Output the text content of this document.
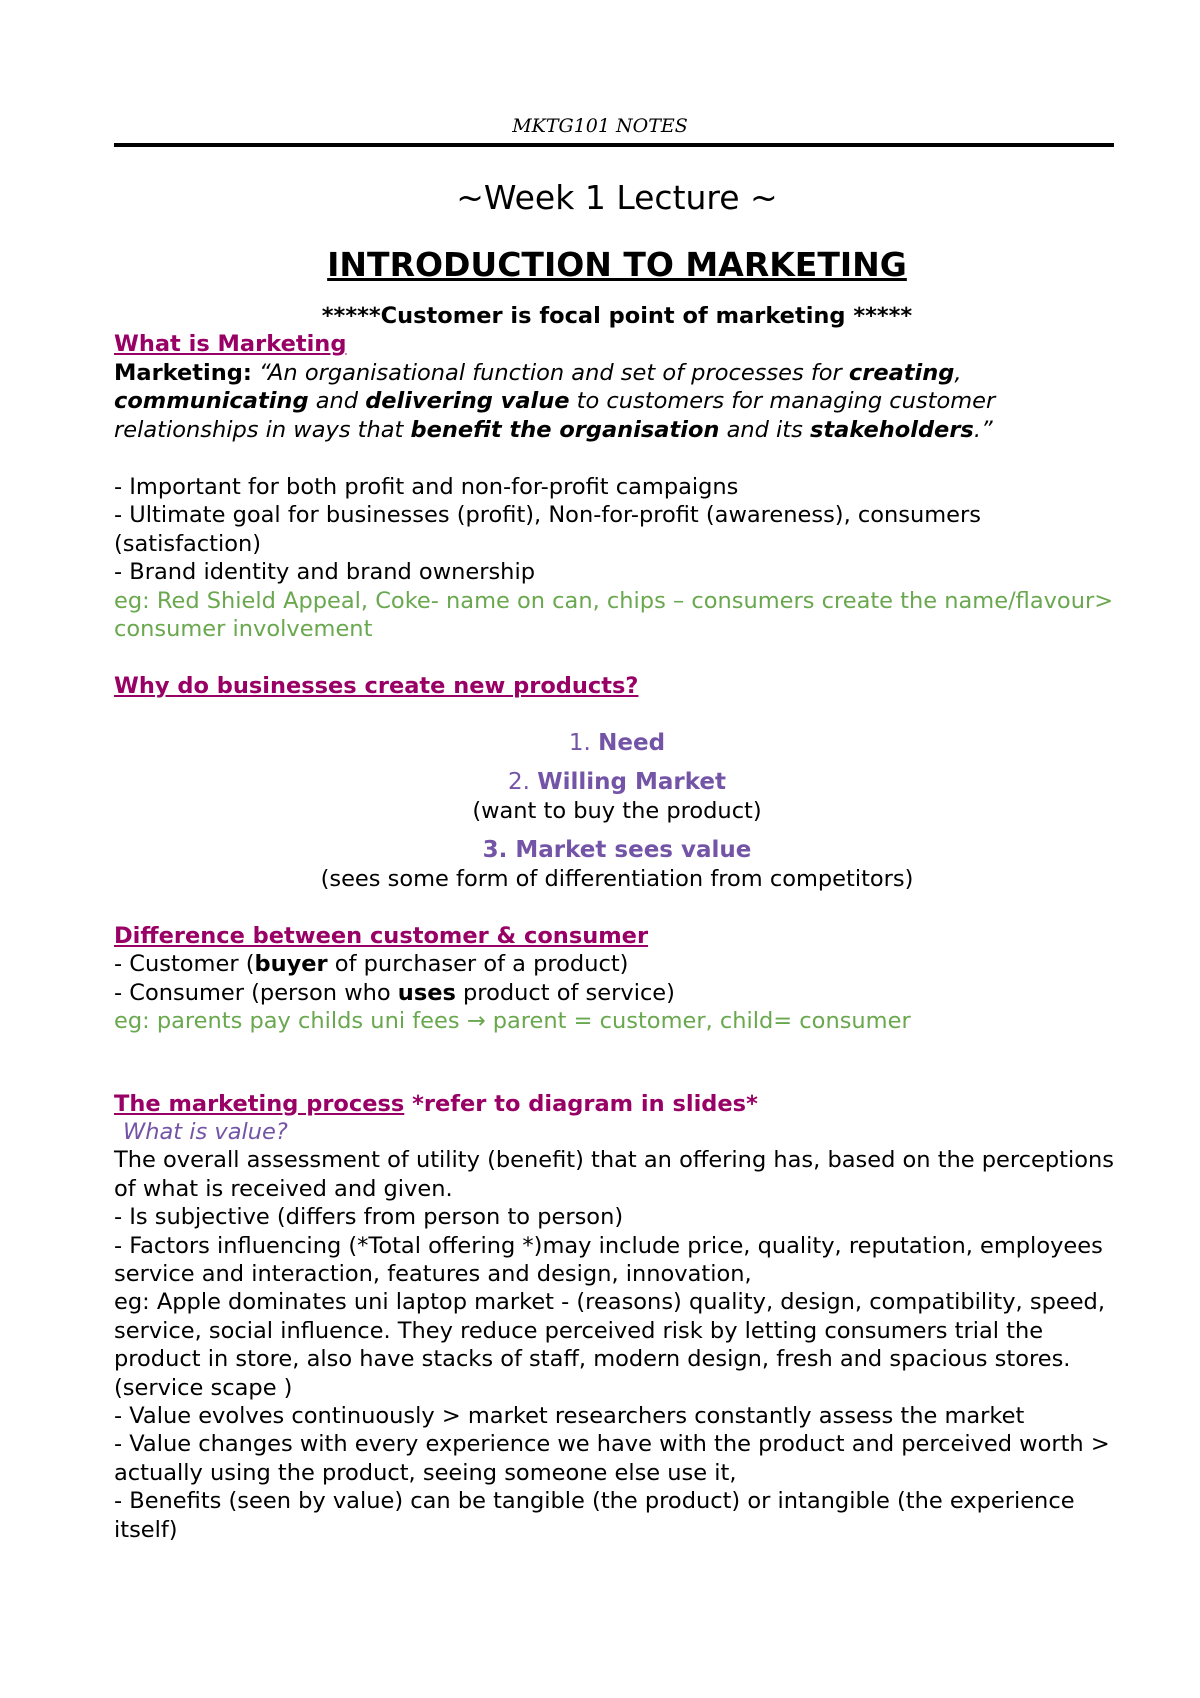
MKTG101 NOTES

~Week 1 Lecture ~

INTRODUCTION TO MARKETING

*****Customer is focal point of marketing *****

What is Marketing

Marketing: “An organisational function and set of processes for creating, communicating and delivering value to customers for managing customer relationships in ways that benefit the organisation and its stakeholders.”

- Important for both profit and non-for-profit campaigns

- Ultimate goal for businesses (profit), Non-for-profit (awareness), consumers (satisfaction)

- Brand identity and brand ownership

eg: Red Shield Appeal, Coke- name on can, chips – consumers create the name/flavour> consumer involvement

Why do businesses create new products?

1. Need

2. Willing Market

(want to buy the product)

3. Market sees value

(sees some form of differentiation from competitors)

Difference between customer & consumer

- Customer (buyer of purchaser of a product)

- Consumer (person who uses product of service)

eg: parents pay childs uni fees → parent = customer, child= consumer

The marketing process *refer to diagram in slides*

What is value?

The overall assessment of utility (benefit) that an offering has, based on the perceptions of what is received and given.

- Is subjective (differs from person to person)

- Factors influencing (*Total offering *)may include price, quality, reputation, employees service and interaction, features and design, innovation,

eg: Apple dominates uni laptop market - (reasons) quality, design, compatibility, speed, service, social influence. They reduce perceived risk by letting consumers trial the product in store, also have stacks of staff, modern design, fresh and spacious stores. (service scape )

- Value evolves continuously > market researchers constantly assess the market

- Value changes with every experience we have with the product and perceived worth > actually using the product, seeing someone else use it,

- Benefits (seen by value) can be tangible (the product) or intangible (the experience itself)
